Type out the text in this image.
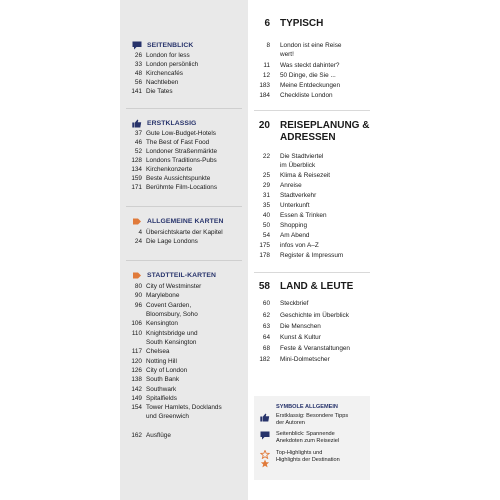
SEITENBLICK
26 London for less
33 London persönlich
48 Kirchencafés
56 Nachtleben
141 Die Tates
ERSTKLASSIG
37 Gute Low-Budget-Hotels
46 The Best of Fast Food
52 Londoner Straßenmärkte
128 Londons Traditions-Pubs
134 Kirchenkonzerte
159 Beste Aussichtspunkte
171 Berühmte Film-Locations
ALLGEMEINE KARTEN
4 Übersichtskarte der Kapitel
24 Die Lage Londons
STADTTEIL-KARTEN
80 City of Westminster
90 Marylebone
96 Covent Garden,
Bloomsbury, Soho
106 Kensington
110 Knightsbridge und
South Kensington
117 Chelsea
120 Notting Hill
126 City of London
138 South Bank
142 Southwark
149 Spitalfields
154 Tower Hamlets, Docklands
und Greenwich
162 Ausflüge
6 TYPISCH
8 London ist eine Reise
wert!
11 Was steckt dahinter?
12 50 Dinge, die Sie ...
183 Meine Entdeckungen
184 Checkliste London
20 REISEPLANUNG &
ADRESSEN
22 Die Stadtviertel
im Überblick
25 Klima & Reisezeit
29 Anreise
31 Stadtverkehr
35 Unterkunft
40 Essen & Trinken
50 Shopping
54 Am Abend
175 infos von A–Z
178 Register & Impressum
58 LAND & LEUTE
60 Steckbrief
62 Geschichte im Überblick
63 Die Menschen
64 Kunst & Kultur
68 Feste & Veranstaltungen
182 Mini-Dolmetscher
SYMBOLE ALLGEMEIN
Erstklassig: Besondere Tipps
der Autoren
Seitenblick: Spannende
Anekdoten zum Reiseziel
Top-Highlights und
Highlights der Destination
